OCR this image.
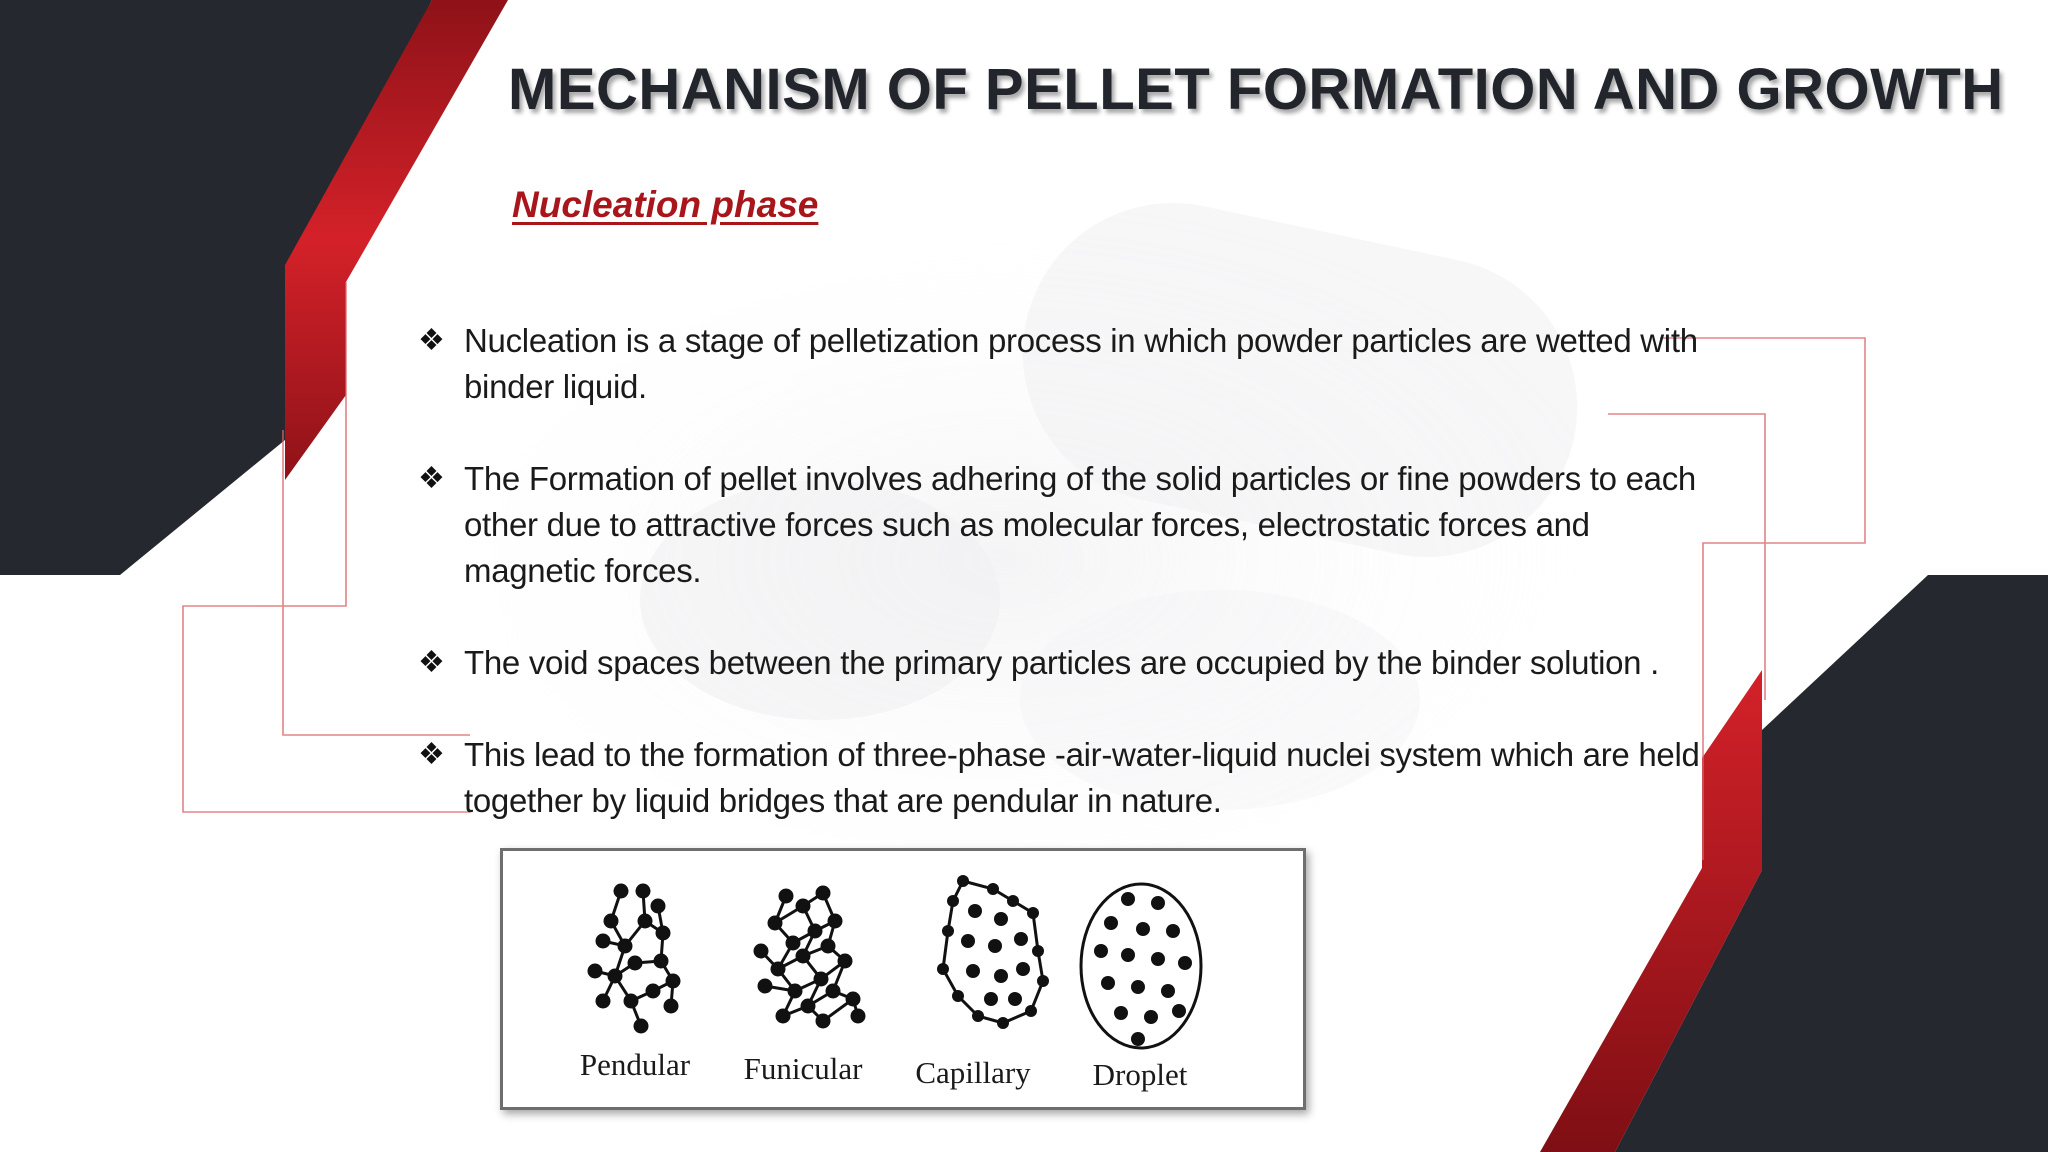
MECHANISM OF PELLET FORMATION AND GROWTH
Nucleation phase
❖ Nucleation is a stage of pelletization process in which powder particles are wetted with binder liquid.
❖ The Formation of pellet involves adhering of the solid particles or fine powders to each other due to attractive forces such as molecular forces, electrostatic forces and magnetic forces.
❖ The void spaces between the primary particles are occupied by the binder solution .
❖ This lead to the formation of three-phase -air-water-liquid nuclei system which are held together by liquid bridges that are pendular in nature.
Pendular	Funicular	Capillary	Droplet
